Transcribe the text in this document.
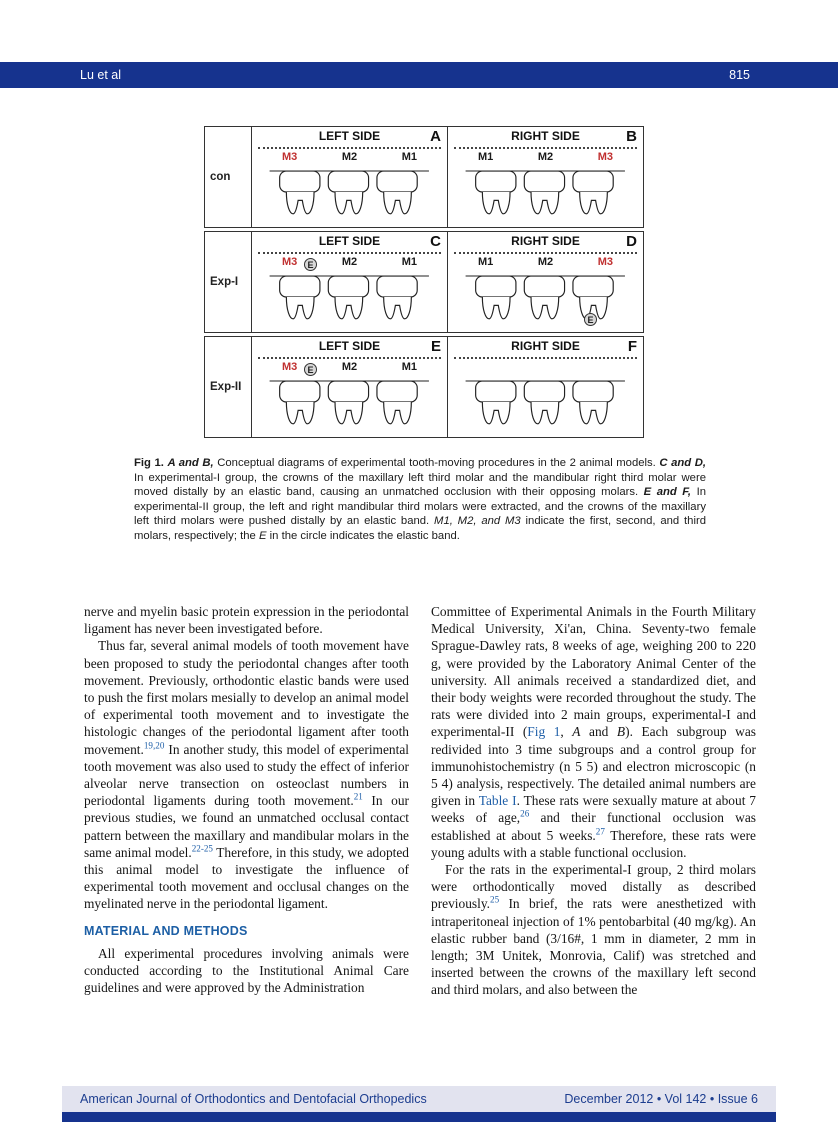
Lu et al	815
con
LEFT SIDE	A
M3	M2	M1
RIGHT SIDE	B
M1	M2	M3
Exp-I
LEFT SIDE	C
M3	M2	M1
E
RIGHT SIDE	D
M1	M2	M3
E
Exp-II
LEFT SIDE	E
M3	M2	M1
E
RIGHT SIDE	F
Fig 1. A and B, Conceptual diagrams of experimental tooth-moving procedures in the 2 animal models. C and D, In experimental-I group, the crowns of the maxillary left third molar and the mandibular right third molar were moved distally by an elastic band, causing an unmatched occlusion with their opposing molars. E and F, In experimental-II group, the left and right mandibular third molars were extracted, and the crowns of the maxillary left third molars were pushed distally by an elastic band. M1, M2, and M3 indicate the first, second, and third molars, respectively; the E in the circle indicates the elastic band.

nerve and myelin basic protein expression in the periodontal ligament has never been investigated before.

Thus far, several animal models of tooth movement have been proposed to study the periodontal changes after tooth movement. Previously, orthodontic elastic bands were used to push the first molars mesially to develop an animal model of experimental tooth movement and to investigate the histologic changes of the periodontal ligament after tooth movement.$^{19,20}$ In another study, this model of experimental tooth movement was also used to study the effect of inferior alveolar nerve transection on osteoclast numbers in periodontal ligaments during tooth movement.$^{21}$ In our previous studies, we found an unmatched occlusal contact pattern between the maxillary and mandibular molars in the same animal model.$^{22-25}$ Therefore, in this study, we adopted this animal model to investigate the influence of experimental tooth movement and occlusal changes on the myelinated nerve in the periodontal ligament.

MATERIAL AND METHODS

All experimental procedures involving animals were conducted according to the Institutional Animal Care guidelines and were approved by the Administration

Committee of Experimental Animals in the Fourth Military Medical University, Xi'an, China. Seventy-two female Sprague-Dawley rats, 8 weeks of age, weighing 200 to 220 g, were provided by the Laboratory Animal Center of the university. All animals received a standardized diet, and their body weights were recorded throughout the study. The rats were divided into 2 main groups, experimental-I and experimental-II (Fig 1, A and B). Each subgroup was redivided into 3 time subgroups and a control group for immunohistochemistry (n 5 5) and electron microscopic (n 5 4) analysis, respectively. The detailed animal numbers are given in Table I. These rats were sexually mature at about 7 weeks of age,$^{26}$ and their functional occlusion was established at about 5 weeks.$^{27}$ Therefore, these rats were young adults with a stable functional occlusion.

For the rats in the experimental-I group, 2 third molars were orthodontically moved distally as described previously.$^{25}$ In brief, the rats were anesthetized with intraperitoneal injection of 1% pentobarbital (40 mg/kg). An elastic rubber band (3/16#, 1 mm in diameter, 2 mm in length; 3M Unitek, Monrovia, Calif) was stretched and inserted between the crowns of the maxillary left second and third molars, and also between the

American Journal of Orthodontics and Dentofacial Orthopedics	December 2012 • Vol 142 • Issue 6
